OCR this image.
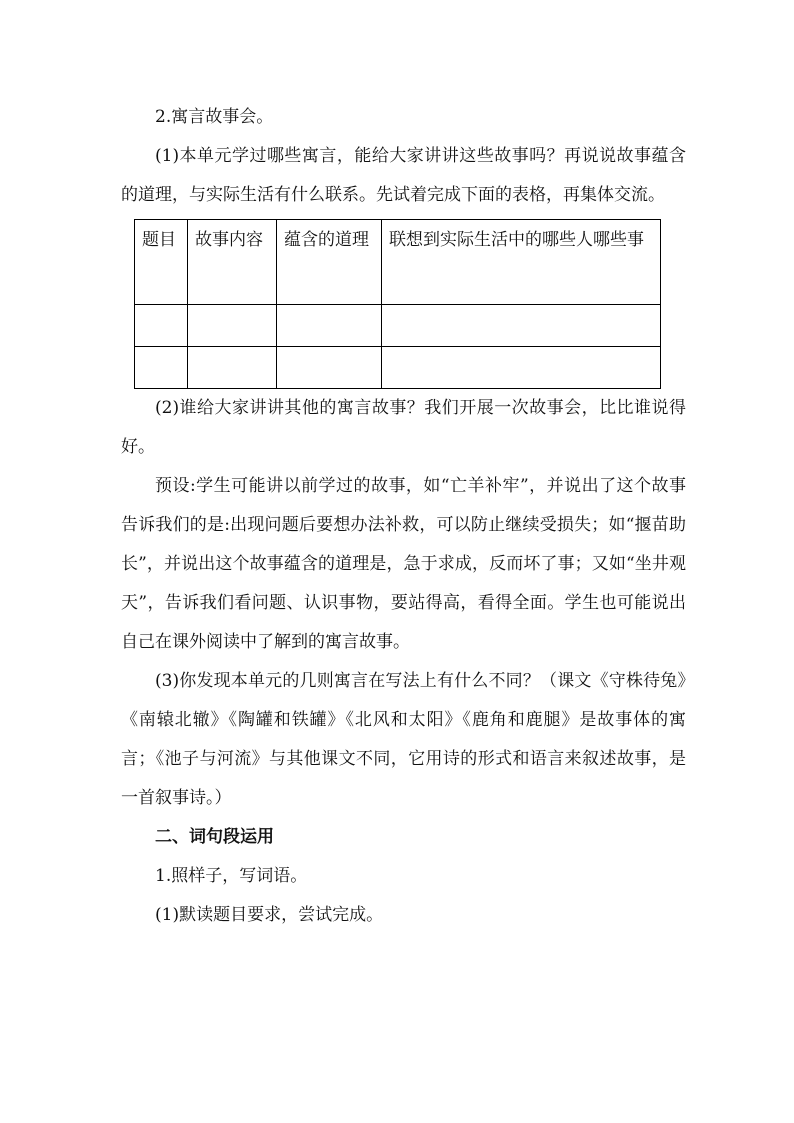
2.寓言故事会。

(1)本单元学过哪些寓言，能给大家讲讲这些故事吗？再说说故事蕴含的道理，与实际生活有什么联系。先试着完成下面的表格，再集体交流。

题目	故事内容	蕴含的道理	联想到实际生活中的哪些人哪些事

(2)谁给大家讲讲其他的寓言故事？我们开展一次故事会，比比谁说得好。

预设:学生可能讲以前学过的故事，如“亡羊补牢”，并说出了这个故事告诉我们的是:出现问题后要想办法补救，可以防止继续受损失；如“揠苗助长”，并说出这个故事蕴含的道理是，急于求成，反而坏了事；又如“坐井观天”，告诉我们看问题、认识事物，要站得高，看得全面。学生也可能说出自己在课外阅读中了解到的寓言故事。

(3)你发现本单元的几则寓言在写法上有什么不同？（课文《守株待兔》《南辕北辙》《陶罐和铁罐》《北风和太阳》《鹿角和鹿腿》是故事体的寓言；《池子与河流》与其他课文不同，它用诗的形式和语言来叙述故事，是一首叙事诗。）

二、词句段运用

1.照样子，写词语。

(1)默读题目要求，尝试完成。
